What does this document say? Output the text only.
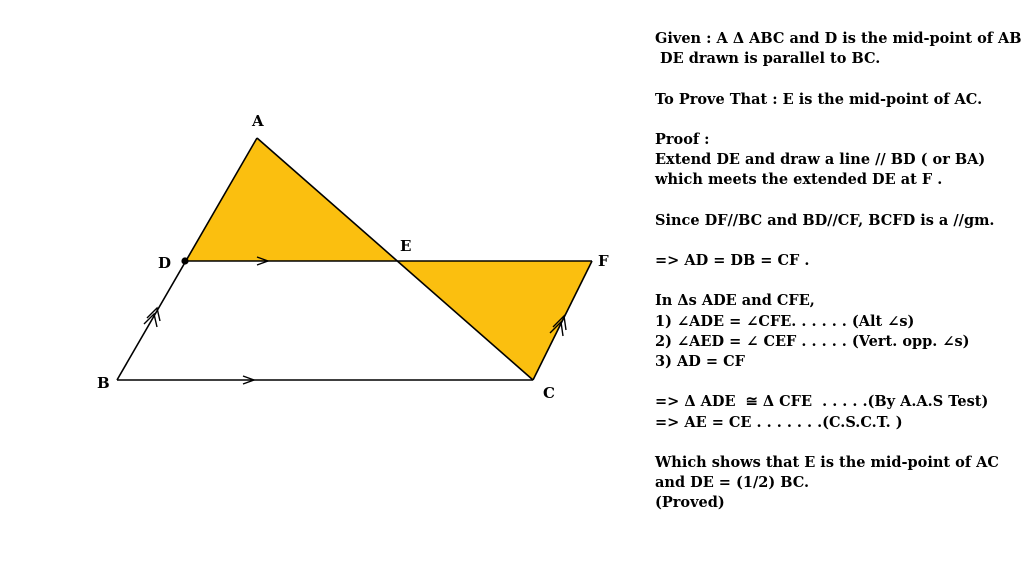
A
B
C
D
E
F
Given : A Δ ABC and D is the mid-point of AB
DE drawn is parallel to BC.
To Prove That : E is the mid-point of AC.
Proof :
Extend DE and draw a line // BD ( or BA)
which meets the extended DE at F .
Since DF//BC and BD//CF, BCFD is a //gm.
=> AD = DB = CF .
In Δs ADE and CFE,
1) ∠ADE = ∠CFE. . . . . . (Alt ∠s)
2) ∠AED = ∠ CEF . . . . . (Vert. opp. ∠s)
3) AD = CF
=> Δ ADE  ≅ Δ CFE  . . . . .(By A.A.S Test)
=> AE = CE . . . . . . .(C.S.C.T. )
Which shows that E is the mid-point of AC
and DE = (1/2) BC.
(Proved)
